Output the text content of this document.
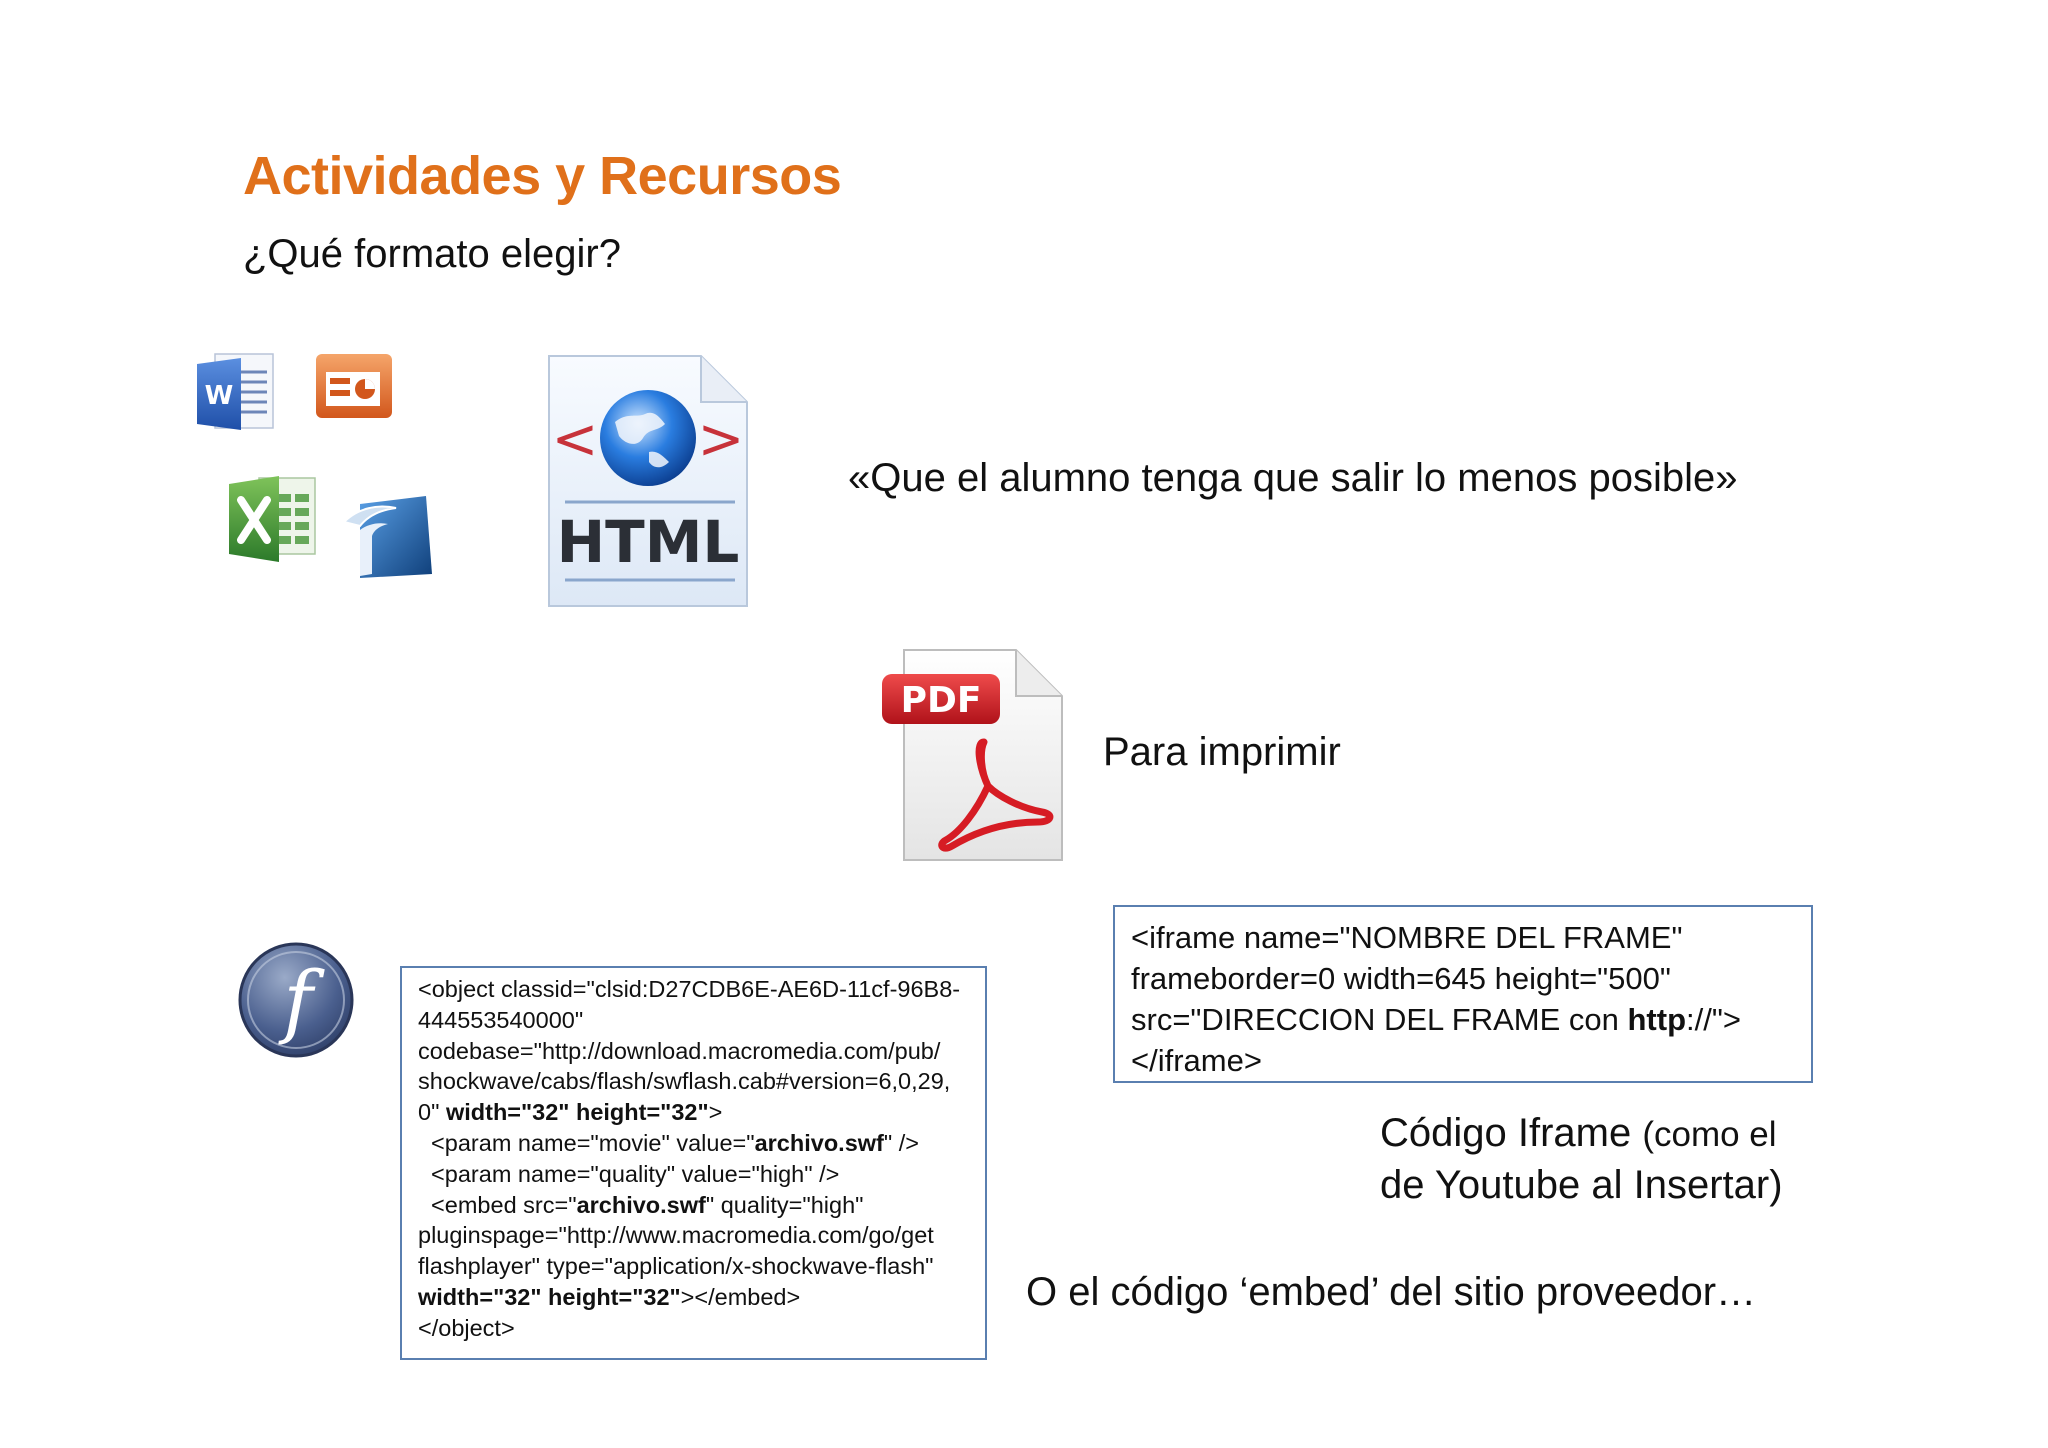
Actividades y Recursos
¿Qué formato elegir?
W
< >
HTML
«Que el alumno tenga que salir lo menos posible»
PDF
Para imprimir
f	<object classid="clsid:D27CDB6E-AE6D-11cf-96B8-
444553540000"
codebase="http://download.macromedia.com/pub/
shockwave/cabs/flash/swflash.cab#version=6,0,29,
0" width="32" height="32">
<param name="movie" value="archivo.swf" />
<param name="quality" value="high" />
<embed src="archivo.swf" quality="high"
pluginspage="http://www.macromedia.com/go/get
flashplayer" type="application/x-shockwave-flash"
width="32" height="32"></embed>
</object>
<iframe name="NOMBRE DEL FRAME"
frameborder=0 width=645 height="500"
src="DIRECCION DEL FRAME con http://">
</iframe>
Código Iframe (como el
de Youtube al Insertar)
O el código ‘embed’ del sitio proveedor…
